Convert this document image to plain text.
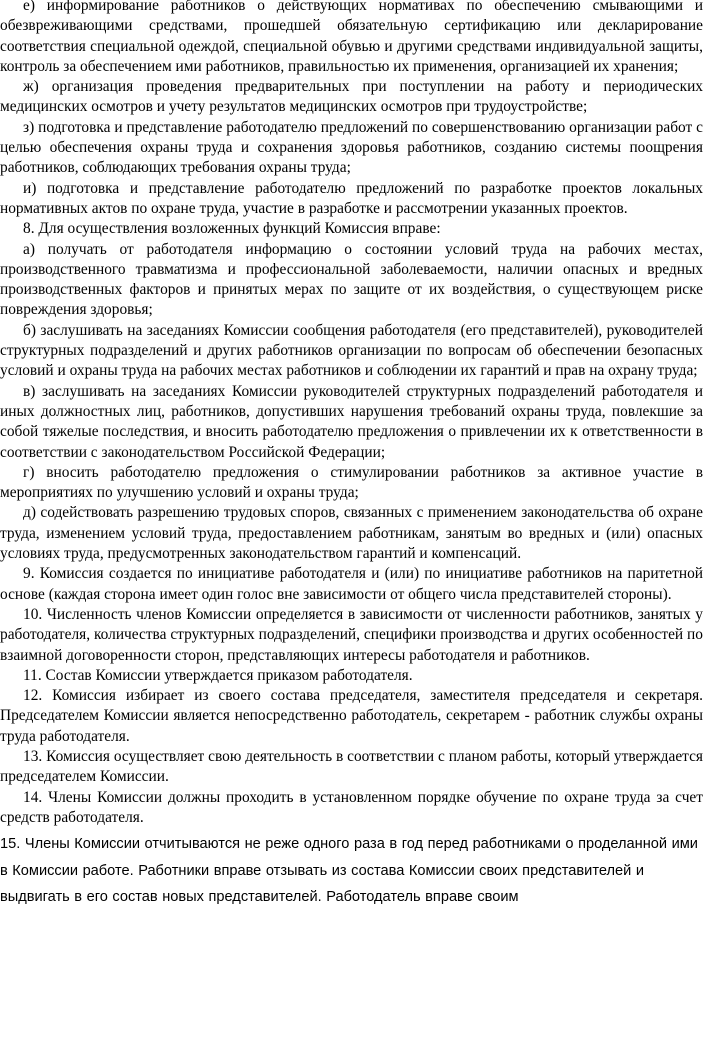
е) информирование работников о действующих нормативах по обеспечению смывающими и обезвреживающими средствами, прошедшей обязательную сертификацию или декларирование соответствия специальной одеждой, специальной обувью и другими средствами индивидуальной защиты, контроль за обеспечением ими работников, правильностью их применения, организацией их хранения;

ж) организация проведения предварительных при поступлении на работу и периодических медицинских осмотров и учету результатов медицинских осмотров при трудоустройстве;

з) подготовка и представление работодателю предложений по совершенствованию организации работ с целью обеспечения охраны труда и сохранения здоровья работников, созданию системы поощрения работников, соблюдающих требования охраны труда;

и) подготовка и представление работодателю предложений по разработке проектов локальных нормативных актов по охране труда, участие в разработке и рассмотрении указанных проектов.

8. Для осуществления возложенных функций Комиссия вправе:

а) получать от работодателя информацию о состоянии условий труда на рабочих местах, производственного травматизма и профессиональной заболеваемости, наличии опасных и вредных производственных факторов и принятых мерах по защите от их воздействия, о существующем риске повреждения здоровья;

б) заслушивать на заседаниях Комиссии сообщения работодателя (его представителей), руководителей структурных подразделений и других работников организации по вопросам об обеспечении безопасных условий и охраны труда на рабочих местах работников и соблюдении их гарантий и прав на охрану труда;

в) заслушивать на заседаниях Комиссии руководителей структурных подразделений работодателя и иных должностных лиц, работников, допустивших нарушения требований охраны труда, повлекшие за собой тяжелые последствия, и вносить работодателю предложения о привлечении их к ответственности в соответствии с законодательством Российской Федерации;

г) вносить работодателю предложения о стимулировании работников за активное участие в мероприятиях по улучшению условий и охраны труда;

д) содействовать разрешению трудовых споров, связанных с применением законодательства об охране труда, изменением условий труда, предоставлением работникам, занятым во вредных и (или) опасных условиях труда, предусмотренных законодательством гарантий и компенсаций.

9. Комиссия создается по инициативе работодателя и (или) по инициативе работников на паритетной основе (каждая сторона имеет один голос вне зависимости от общего числа представителей стороны).

10. Численность членов Комиссии определяется в зависимости от численности работников, занятых у работодателя, количества структурных подразделений, специфики производства и других особенностей по взаимной договоренности сторон, представляющих интересы работодателя и работников.

11. Состав Комиссии утверждается приказом работодателя.

12. Комиссия избирает из своего состава председателя, заместителя председателя и секретаря. Председателем Комиссии является непосредственно работодатель, секретарем - работник службы охраны труда работодателя.

13. Комиссия осуществляет свою деятельность в соответствии с планом работы, который утверждается председателем Комиссии.

14. Члены Комиссии должны проходить в установленном порядке обучение по охране труда за счет средств работодателя.

15. Члены Комиссии отчитываются не реже одного раза в год перед работниками о проделанной ими в Комиссии работе. Работники вправе отзывать из состава Комиссии своих представителей и выдвигать в его состав новых представителей. Работодатель вправе своим
